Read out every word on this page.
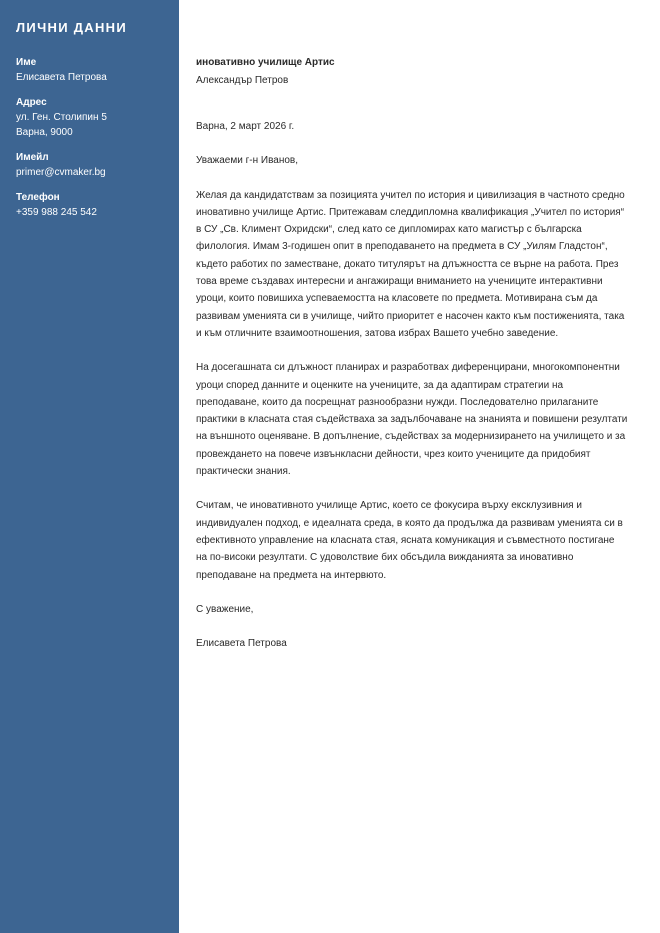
ЛИЧНИ ДАННИ
Име
Елисавета Петрова
Адрес
ул. Ген. Столипин 5
Варна, 9000
Имейл
primer@cvmaker.bg
Телефон
+359 988 245 542
иновативно училище Артис
Александър Петров
Варна, 2 март 2026 г.
Уважаеми г-н Иванов,

Желая да кандидатствам за позицията учител по история и цивилизация в частното средно иновативно училище Артис. Притежавам следдипломна квалификация „Учител по история“ в СУ „Св. Климент Охридски“, след като се дипломирах като магистър с българска филология. Имам 3-годишен опит в преподаването на предмета в СУ „Уилям Гладстон“, където работих по заместване, докато титулярът на длъжността се върне на работа. През това време създавах интересни и ангажиращи вниманието на учениците интерактивни уроци, които повишиха успеваемостта на класовете по предмета. Мотивирана съм да развивам уменията си в училище, чийто приоритет е насочен както към постиженията, така и към отличните взаимоотношения, затова избрах Вашето учебно заведение.

На досегашната си длъжност планирах и разработвах диференцирани, многокомпонентни уроци според данните и оценките на учениците, за да адаптирам стратегии на преподаване, които да посрещнат разнообразни нужди. Последователно прилаганите практики в класната стая съдействаха за задълбочаване на знанията и повишени резултати на външното оценяване. В допълнение, съдействах за модернизирането на училището и за провеждането на повече извънкласни дейности, чрез които учениците да придобият практически знания.

Считам, че иновативното училище Артис, което се фокусира върху ексклузивния и индивидуален подход, е идеалната среда, в която да продължа да развивам уменията си в ефективното управление на класната стая, ясната комуникация и съвместното постигане на по-високи резултати. С удоволствие бих обсъдила вижданията за иновативно преподаване на предмета на интервюто.

С уважение,
Елисавета Петрова
